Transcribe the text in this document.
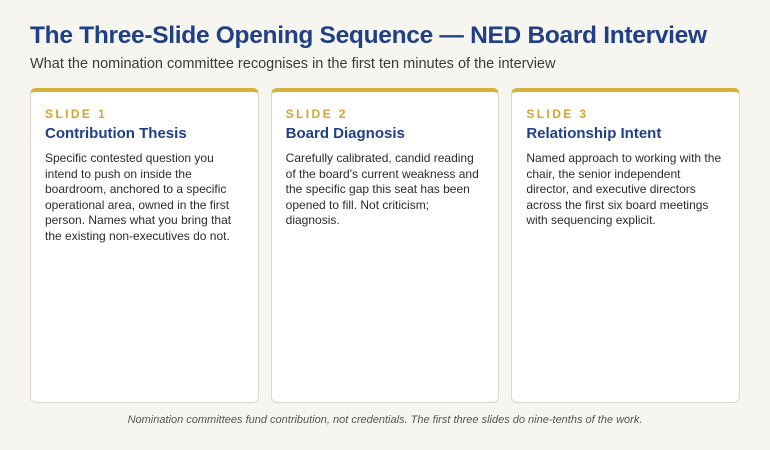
The Three-Slide Opening Sequence — NED Board Interview

What the nomination committee recognises in the first ten minutes of the interview

SLIDE 1
Contribution Thesis
Specific contested question you intend to push on inside the boardroom, anchored to a specific operational area, owned in the first person. Names what you bring that the existing non-executives do not.
SLIDE 2
Board Diagnosis
Carefully calibrated, candid reading of the board's current weakness and the specific gap this seat has been opened to fill. Not criticism; diagnosis.
SLIDE 3
Relationship Intent
Named approach to working with the chair, the senior independent director, and executive directors across the first six board meetings with sequencing explicit.

Nomination committees fund contribution, not credentials. The first three slides do nine-tenths of the work.
